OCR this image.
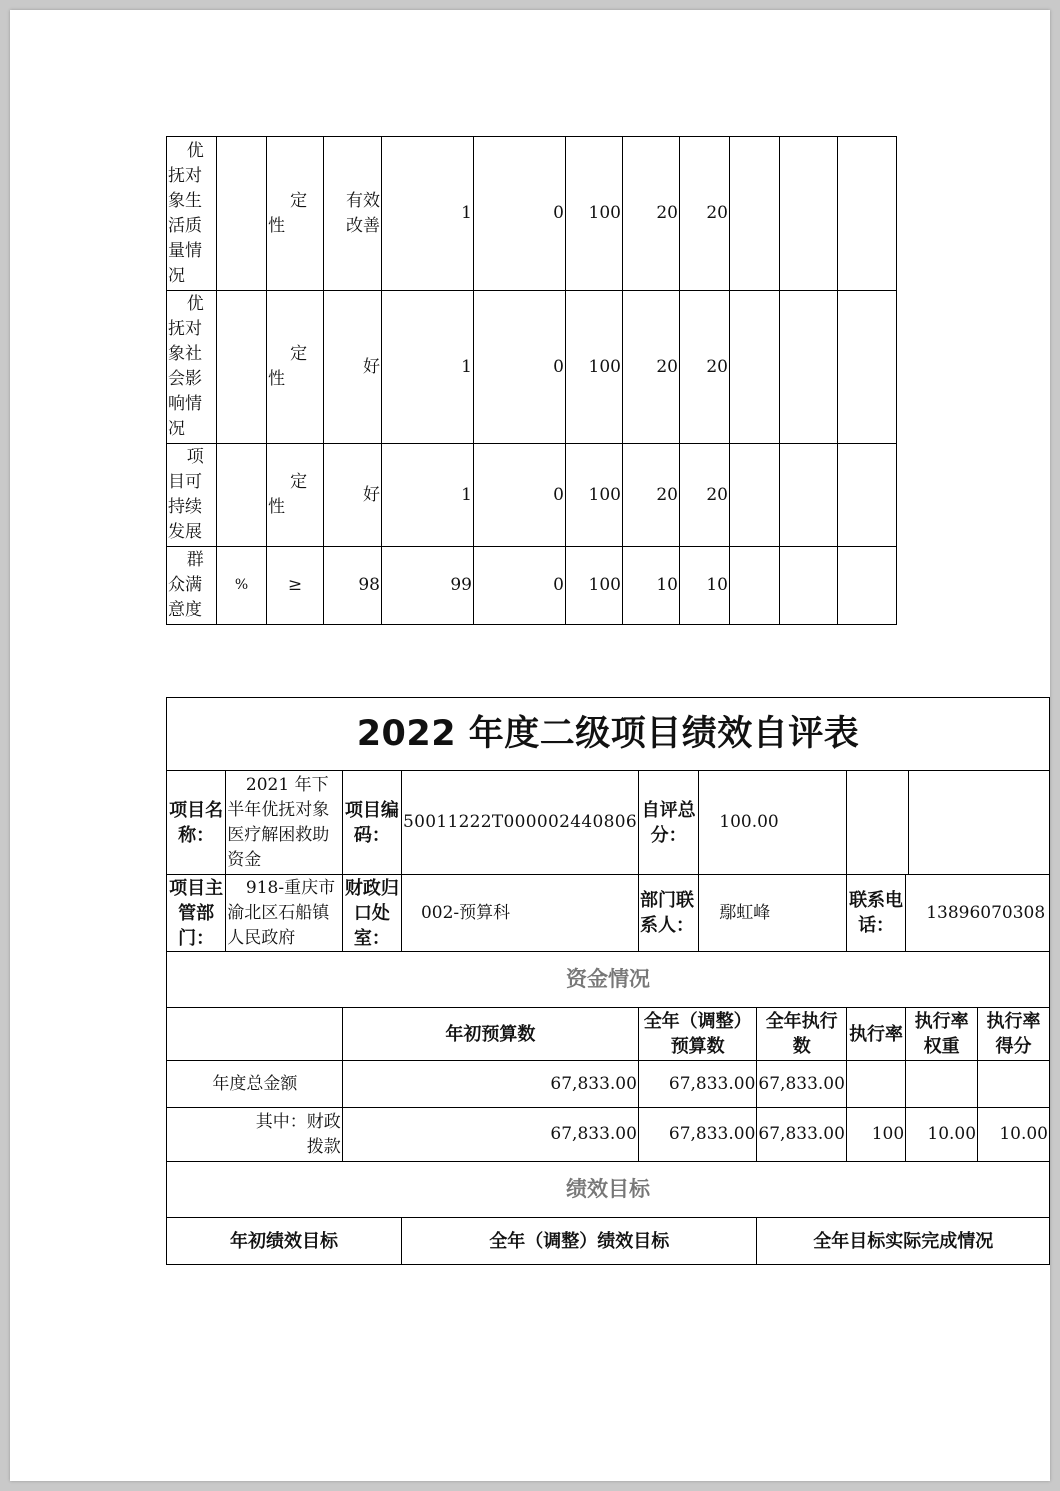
优抚对象生活质量情况		定性	有效改善	1	0	100	20	20			
优抚对象社会影响情况		定性	好	1	0	100	20	20			
项目可持续发展		定性	好	1	0	100	20	20			
群众满意度	%	≥	98	99	0	100	10	10			
2022 年度二级项目绩效自评表									
项目名称：	2021 年下半年优抚对象医疗解困救助资金	项目编码：	50011222T000002440806	自评总分：	100.00				
项目主管部门：	918-重庆市渝北区石船镇人民政府	财政归口处室：	002-预算科	部门联系人：	鄢虹峰		联系电话：	13896070308	
资金情况									
		年初预算数		全年（调整）预算数		全年执行数	执行率	执行率权重	执行率得分
年度总金额		67,833.00		67,833.00		67,833.00			
其中：财政拨款		67,833.00		67,833.00		67,833.00	100	10.00	10.00
绩效目标									
年初绩效目标			全年（调整）绩效目标			全年目标实际完成情况			
